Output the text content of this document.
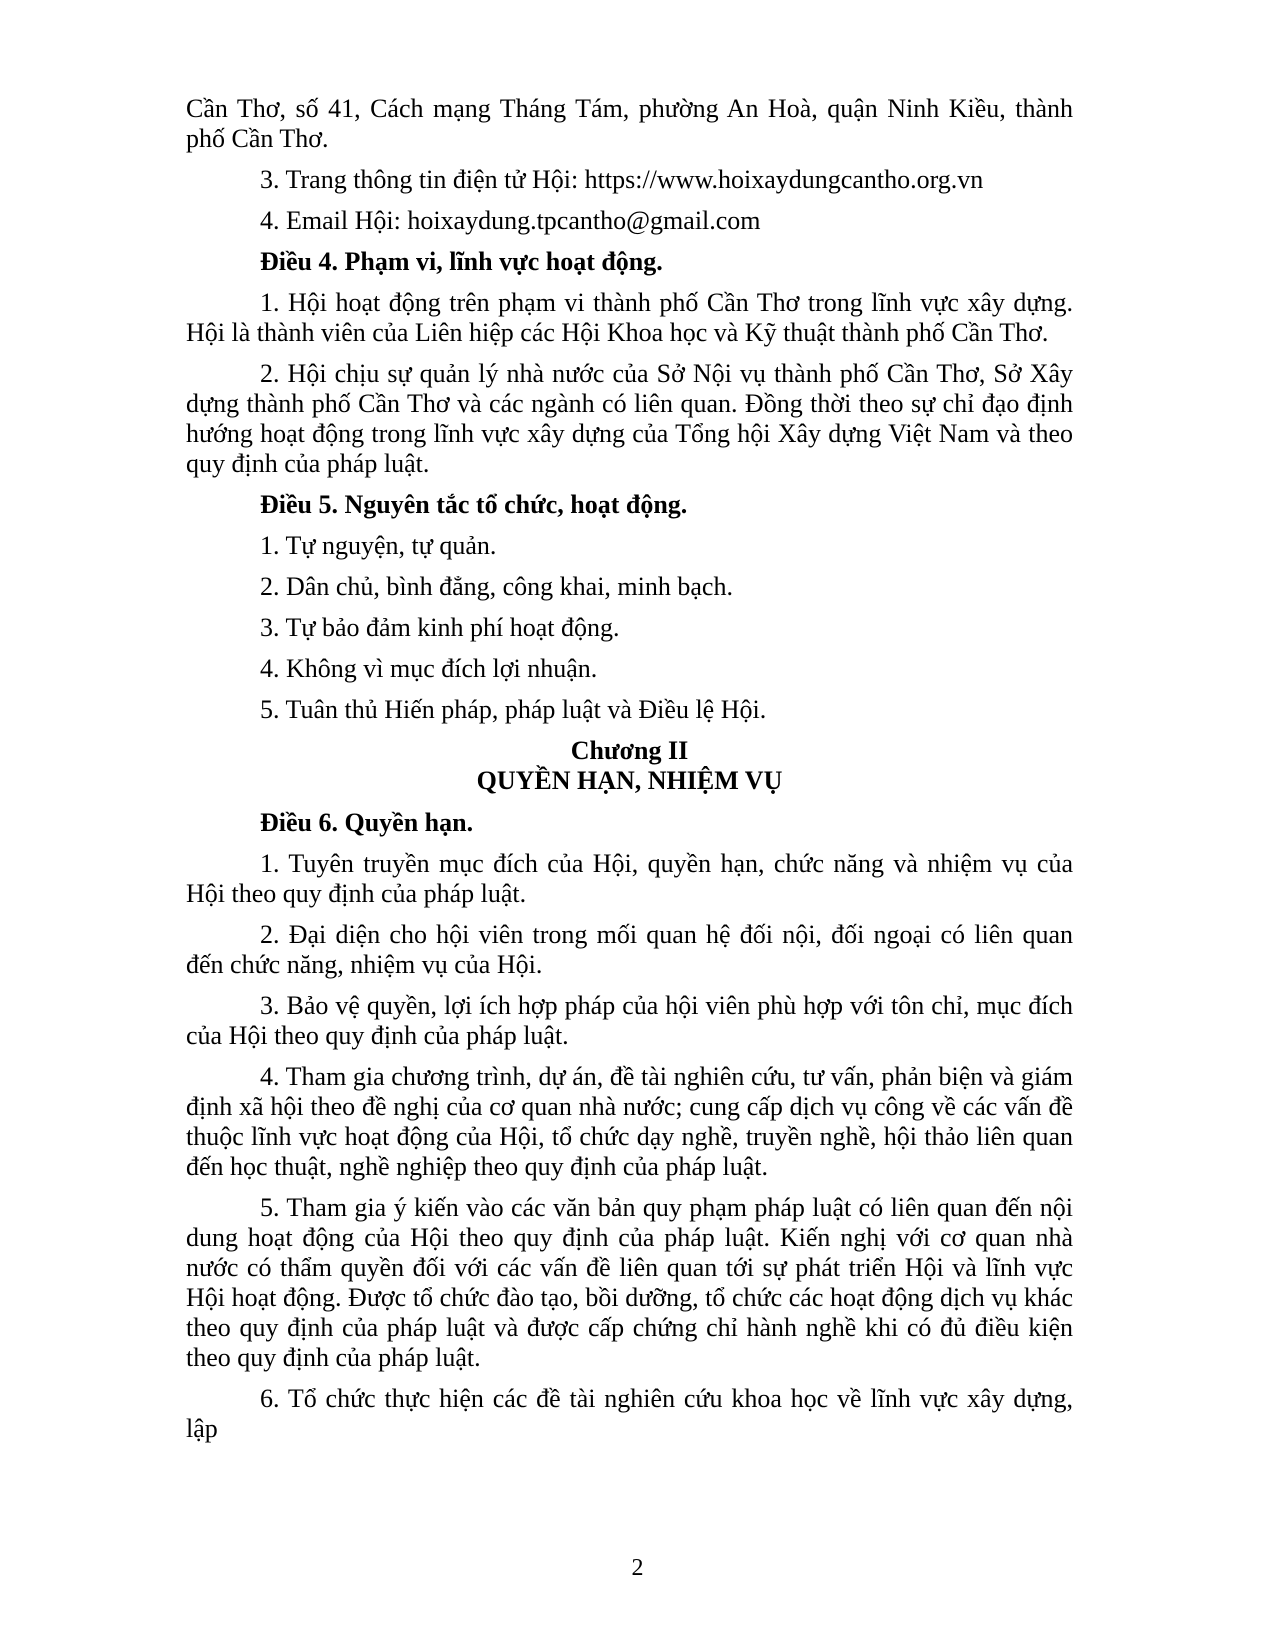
Cần Thơ, số 41, Cách mạng Tháng Tám, phường An Hoà, quận Ninh Kiều, thành phố Cần Thơ.

3. Trang thông tin điện tử Hội: https://www.hoixaydungcantho.org.vn

4. Email Hội: hoixaydung.tpcantho@gmail.com

Điều 4. Phạm vi, lĩnh vực hoạt động.

1. Hội hoạt động trên phạm vi thành phố Cần Thơ trong lĩnh vực xây dựng. Hội là thành viên của Liên hiệp các Hội Khoa học và Kỹ thuật thành phố Cần Thơ.

2. Hội chịu sự quản lý nhà nước của Sở Nội vụ thành phố Cần Thơ, Sở Xây dựng thành phố Cần Thơ và các ngành có liên quan. Đồng thời theo sự chỉ đạo định hướng hoạt động trong lĩnh vực xây dựng của Tổng hội Xây dựng Việt Nam và theo quy định của pháp luật.

Điều 5. Nguyên tắc tổ chức, hoạt động.

1. Tự nguyện, tự quản.

2. Dân chủ, bình đẳng, công khai, minh bạch.

3. Tự bảo đảm kinh phí hoạt động.

4. Không vì mục đích lợi nhuận.

5. Tuân thủ Hiến pháp, pháp luật và Điều lệ Hội.

Chương II
QUYỀN HẠN, NHIỆM VỤ

Điều 6. Quyền hạn.

1. Tuyên truyền mục đích của Hội, quyền hạn, chức năng và nhiệm vụ của Hội theo quy định của pháp luật.

2. Đại diện cho hội viên trong mối quan hệ đối nội, đối ngoại có liên quan đến chức năng, nhiệm vụ của Hội.

3. Bảo vệ quyền, lợi ích hợp pháp của hội viên phù hợp với tôn chỉ, mục đích của Hội theo quy định của pháp luật.

4. Tham gia chương trình, dự án, đề tài nghiên cứu, tư vấn, phản biện và giám định xã hội theo đề nghị của cơ quan nhà nước; cung cấp dịch vụ công về các vấn đề thuộc lĩnh vực hoạt động của Hội, tổ chức dạy nghề, truyền nghề, hội thảo liên quan đến học thuật, nghề nghiệp theo quy định của pháp luật.

5. Tham gia ý kiến vào các văn bản quy phạm pháp luật có liên quan đến nội dung hoạt động của Hội theo quy định của pháp luật. Kiến nghị với cơ quan nhà nước có thẩm quyền đối với các vấn đề liên quan tới sự phát triển Hội và lĩnh vực Hội hoạt động. Được tổ chức đào tạo, bồi dưỡng, tổ chức các hoạt động dịch vụ khác theo quy định của pháp luật và được cấp chứng chỉ hành nghề khi có đủ điều kiện theo quy định của pháp luật.

6. Tổ chức thực hiện các đề tài nghiên cứu khoa học về lĩnh vực xây dựng, lập

2
